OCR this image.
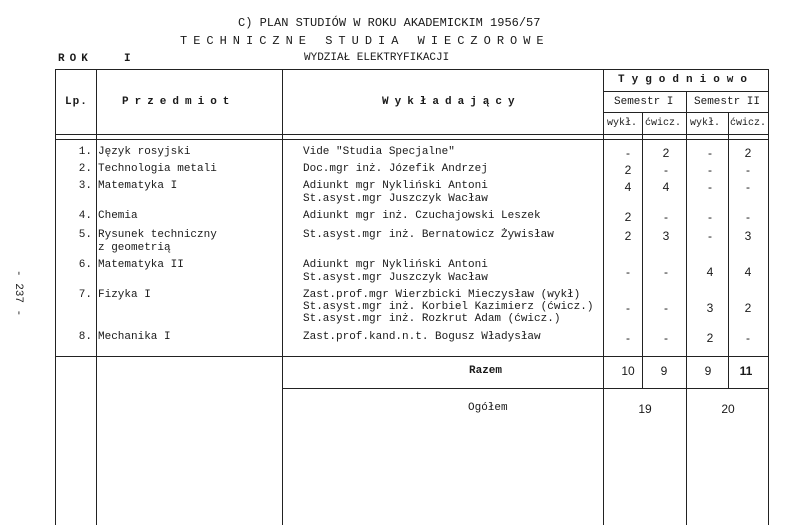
C) PLAN STUDIÓW W ROKU AKADEMICKIM 1956/57
TECHNICZNE STUDIA WIECZOROWE
WYDZIAŁ ELEKTRYFIKACJI
ROK	I
- 237 -
Lp.	Przedmiot	Wykładający
Tygodniowo
Semestr I Semestr II
wykł. ćwicz. wykł. ćwicz.
1. Język rosyjski	Vide "Studia Specjalne"	-	2	-	2
2. Technologia metali	Doc.mgr inż. Józefik Andrzej	2	-	-	-
3. Matematyka I	Adiunkt mgr Nykliński Antoni
St.asyst.mgr Juszczyk Wacław
4	4	-	-
4. Chemia	Adiunkt mgr inż. Czuchajowski Leszek	2	-	-	-
5. Rysunek techniczny
z geometrią
St.asyst.mgr inż. Bernatowicz Żywisław	2	3	-	3
6. Matematyka II	Adiunkt mgr Nykliński Antoni
St.asyst.mgr Juszczyk Wacław	-	-	4	4
7. Fizyka I	Zast.prof.mgr Wierzbicki Mieczysław (wykł)
St.asyst.mgr inż. Korbiel Kazimierz (ćwicz.)
St.asyst.mgr inż. Rozkrut Adam (ćwicz.)
-	-	3	2
8. Mechanika I	Zast.prof.kand.n.t. Bogusz Władysław	-	-	2	-
Razem	10	9	9	11
Ogółem	19	20
